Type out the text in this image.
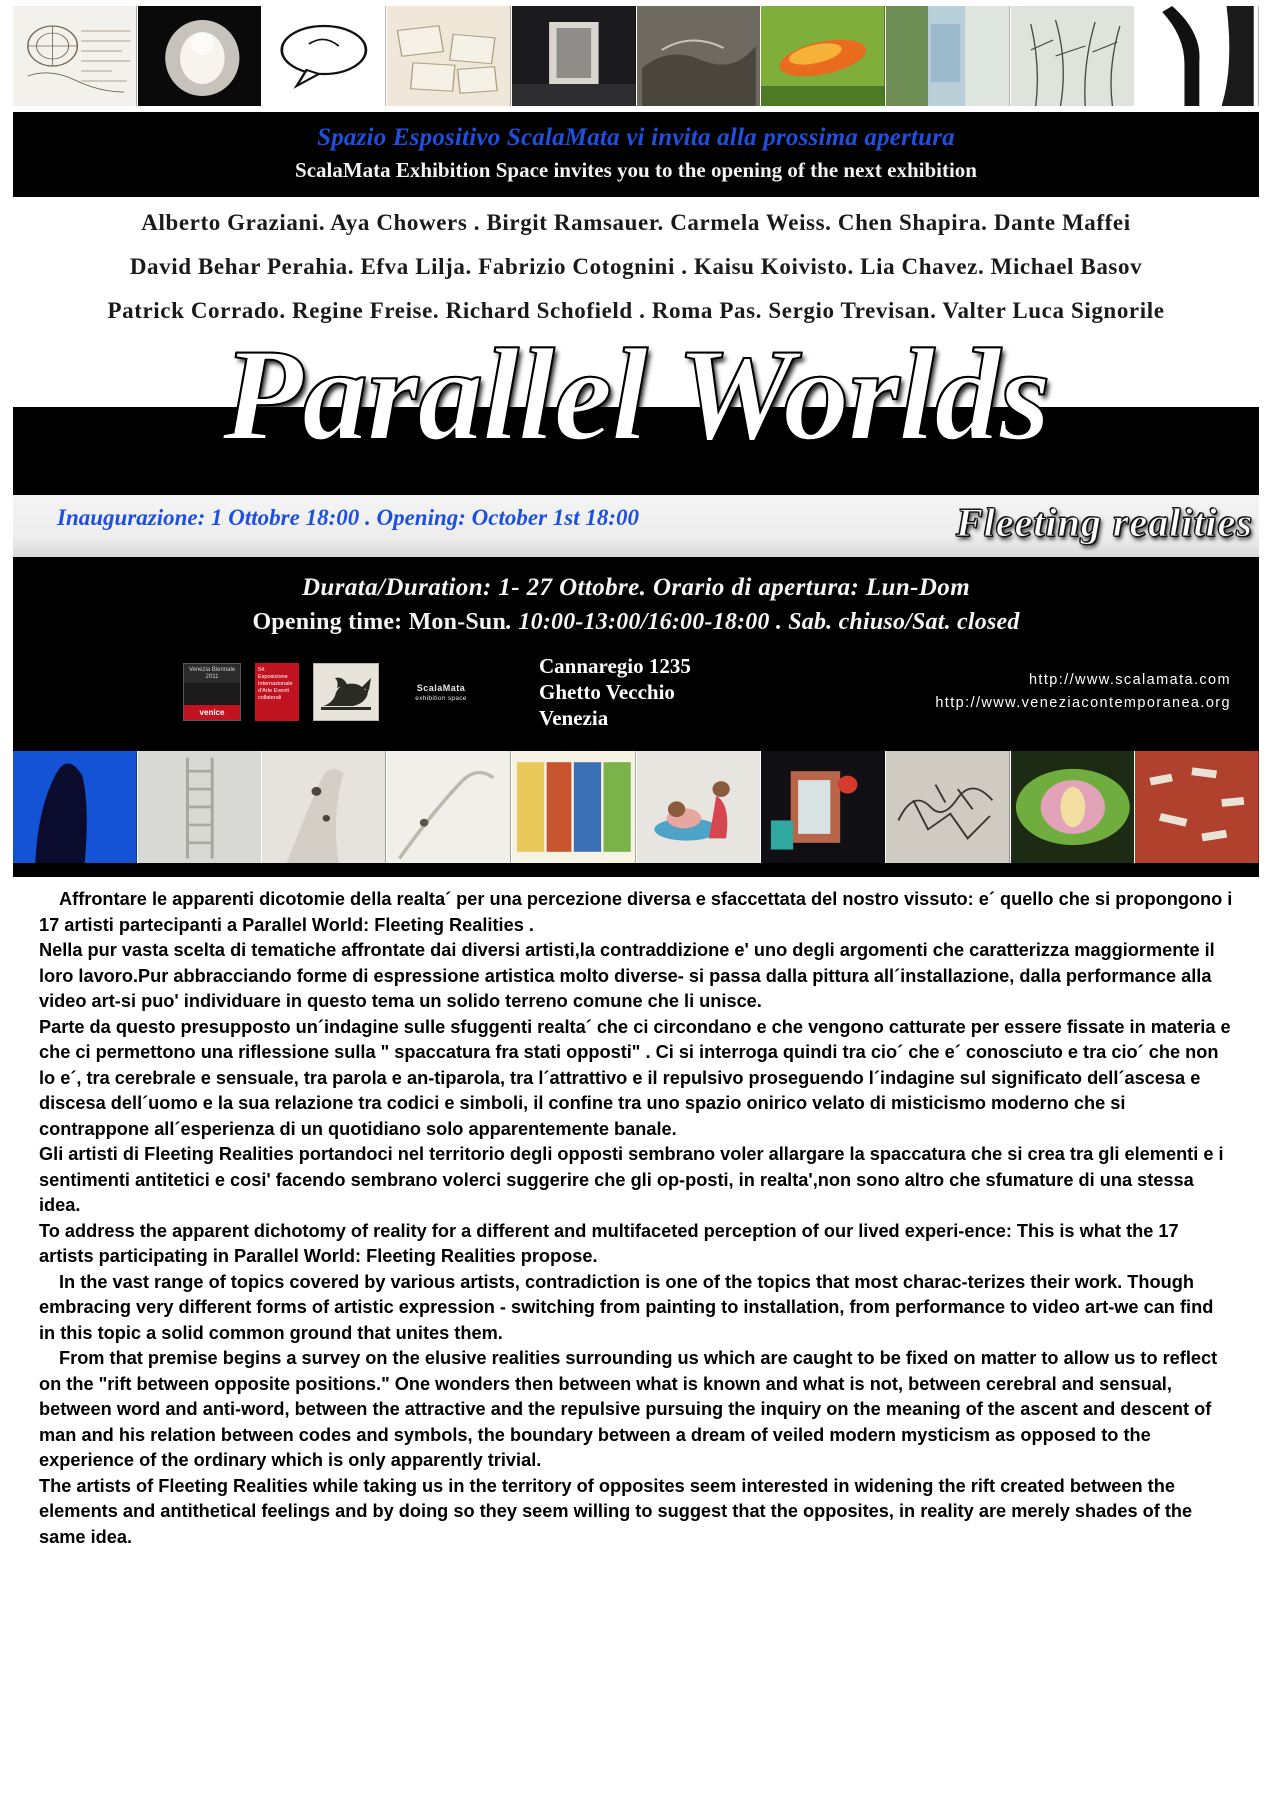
Spazio Espositivo ScalaMata vi invita alla prossima apertura
ScalaMata Exhibition Space invites you to the opening of the next exhibition
Alberto Graziani. Aya Chowers . Birgit Ramsauer. Carmela Weiss. Chen Shapira. Dante Maffei
David Behar Perahia. Efva Lilja. Fabrizio Cotognini . Kaisu Koivisto. Lia Chavez. Michael Basov
Patrick Corrado. Regine Freise. Richard Schofield . Roma Pas. Sergio Trevisan. Valter Luca Signorile
Parallel Worlds
Inaugurazione: 1 Ottobre 18:00 . Opening: October 1st 18:00	Fleeting realities
Durata/Duration: 1- 27 Ottobre. Orario di apertura: Lun-Dom
Opening time: Mon-Sun. 10:00-13:00/16:00-18:00 . Sab. chiuso/Sat. closed
Venezia Biennale 2011
venice
54. Esposizione Internazionale d'Arte Eventi collaterali
ScalaMata
exhibition space
Cannaregio 1235
Ghetto Vecchio
Venezia
http://www.scalamata.com
http://www.veneziacontemporanea.org

Affrontare le apparenti dicotomie della realta´ per una percezione diversa e sfaccettata del nostro vissuto: e´ quello che si propongono i 17 artisti partecipanti a Parallel World: Fleeting Realities .

Nella pur vasta scelta di tematiche affrontate dai diversi artisti,la contraddizione e' uno degli argomenti che caratterizza maggiormente il loro lavoro.Pur abbracciando forme di espressione artistica molto diverse- si passa dalla pittura all´installazione, dalla performance alla video art-si puo' individuare in questo tema un solido terreno comune che li unisce.

Parte da questo presupposto un´indagine sulle sfuggenti realta´ che ci circondano e che vengono catturate per essere fissate in materia e che ci permettono una riflessione sulla " spaccatura fra stati opposti" . Ci si interroga quindi tra cio´ che e´ conosciuto e tra cio´ che non lo e´, tra cerebrale e sensuale, tra parola e an-tiparola, tra l´attrattivo e il repulsivo proseguendo l´indagine sul significato dell´ascesa e discesa dell´uomo e la sua relazione tra codici e simboli, il confine tra uno spazio onirico velato di misticismo moderno che si contrappone all´esperienza di un quotidiano solo apparentemente banale.

Gli artisti di Fleeting Realities portandoci nel territorio degli opposti sembrano voler allargare la spaccatura che si crea tra gli elementi e i sentimenti antitetici e cosi' facendo sembrano volerci suggerire che gli op-posti, in realta',non sono altro che sfumature di una stessa idea.

To address the apparent dichotomy of reality for a different and multifaceted perception of our lived experi-ence: This is what the 17 artists participating in Parallel World: Fleeting Realities propose.

In the vast range of topics covered by various artists, contradiction is one of the topics that most charac-terizes their work. Though embracing very different forms of artistic expression - switching from painting to installation, from performance to video art-we can find in this topic a solid common ground that unites them.

From that premise begins a survey on the elusive realities surrounding us which are caught to be fixed on matter to allow us to reflect on the "rift between opposite positions." One wonders then between what is known and what is not, between cerebral and sensual, between word and anti-word, between the attractive and the repulsive pursuing the inquiry on the meaning of the ascent and descent of man and his relation between codes and symbols, the boundary between a dream of veiled modern mysticism as opposed to the experience of the ordinary which is only apparently trivial.

The artists of Fleeting Realities while taking us in the territory of opposites seem interested in widening the rift created between the elements and antithetical feelings and by doing so they seem willing to suggest that the opposites, in reality are merely shades of the same idea.
